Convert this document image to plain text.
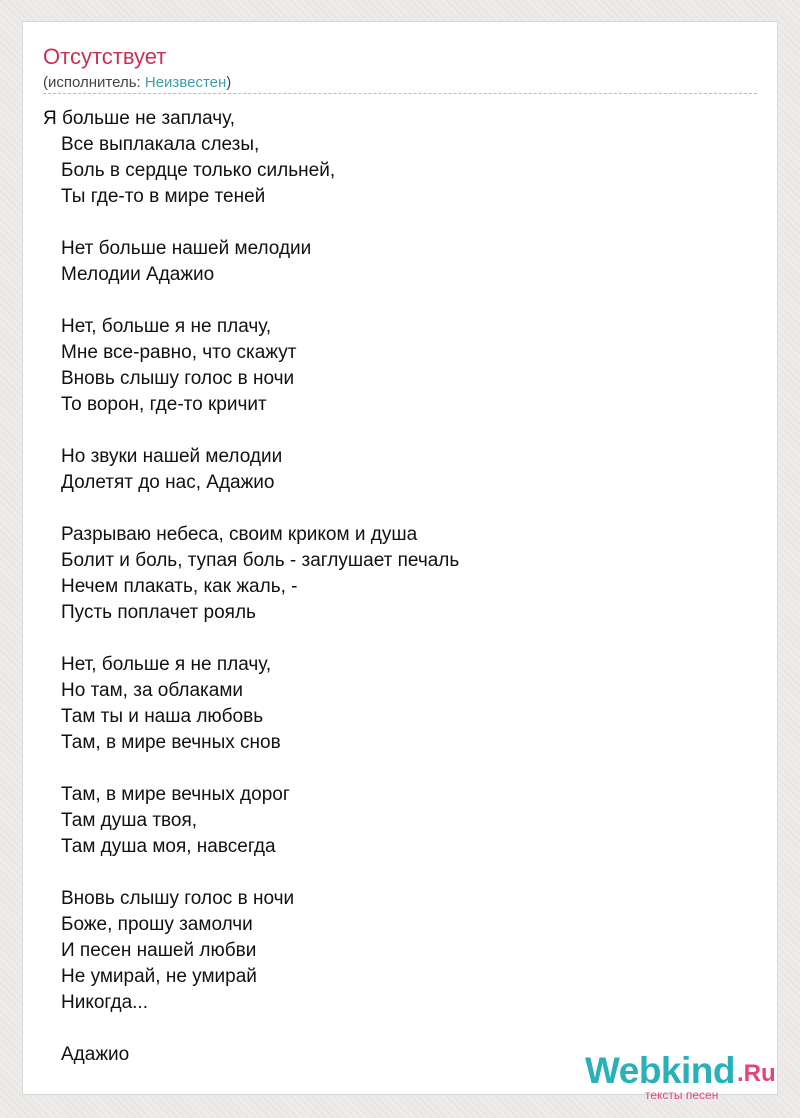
Отсутствует
(исполнитель: Неизвестен)
Я больше не заплачу,
Все выплакала слезы,
Боль в сердце только сильней,
Ты где-то в мире теней
Нет больше нашей мелодии
Мелодии Адажио
Нет, больше я не плачу,
Мне все-равно, что скажут
Вновь слышу голос в ночи
То ворон, где-то кричит
Но звуки нашей мелодии
Долетят до нас, Адажио
Разрываю небеса, своим криком и душа
Болит и боль, тупая боль - заглушает печаль
Нечем плакать, как жаль, -
Пусть поплачет рояль
Нет, больше я не плачу,
Но там, за облаками
Там ты и наша любовь
Там, в мире вечных снов
Там, в мире вечных дорог
Там душа твоя,
Там душа моя, навсегда
Вновь слышу голос в ночи
Боже, прошу замолчи
И песен нашей любви
Не умирай, не умирай
Никогда...
Адажио	Webkind .Ru
тексты песен
